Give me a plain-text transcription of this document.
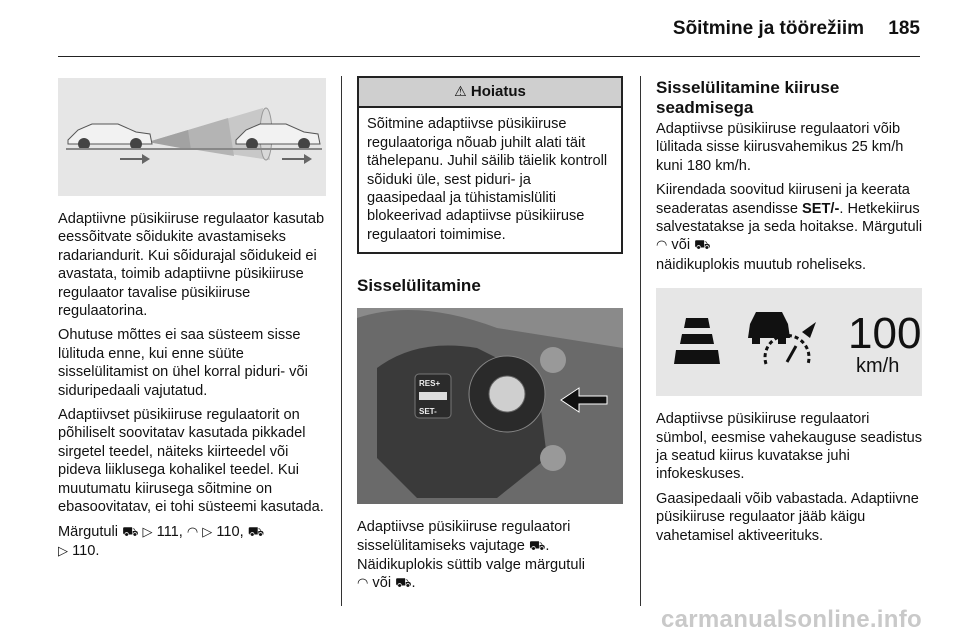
Sõitmine ja töörežiim 185

Adaptiivne püsikiiruse regulaator kasutab eessõitvate sõidukite avastamiseks radariandurit. Kui sõidurajal sõidukeid ei avastata, toimib adaptiivne püsikiiruse regulaator tavalise püsikiiruse regulaatorina.

Ohutuse mõttes ei saa süsteem sisse lülituda enne, kui enne süüte sisselülitamist on ühel korral piduri- või siduripedaali vajutatud.

Adaptiivset püsikiiruse regulaatorit on põhiliselt soovitatav kasutada pikkadel sirgetel teedel, näiteks kiirteedel või pideva liiklusega kohalikel teedel. Kui muutumatu kiirusega sõitmine on ebasoovitatav, ei tohi süsteemi kasutada.

Märgutuli ⛟ ▷ 111, ◠ ▷ 110, ⛟
▷ 110.

⚠ Hoiatus
Sõitmine adaptiivse püsikiiruse regulaatoriga nõuab juhilt alati täit tähelepanu. Juhil säilib täielik kontroll sõiduki üle, sest piduri- ja gaasipedaal ja tühistamislüliti blokeerivad adaptiivse püsikiiruse regulaatori toimimise.
Sisselülitamine
RES+
SET-

Adaptiivse püsikiiruse regulaatori sisselülitamiseks vajutage ⛟.
Näidikuplokis süttib valge märgutuli
◠ või ⛟.

Sisselülitamine kiiruse seadmisega

Adaptiivse püsikiiruse regulaatori võib lülitada sisse kiirusvahemikus 25 km/h kuni 180 km/h.

Kiirendada soovitud kiiruseni ja keerata seaderatas asendisse SET/-. Hetkekiirus salvestatakse ja seda hoitakse. Märgutuli ◠ või ⛟
näidikuplokis muutub roheliseks.

100
km/h

Adaptiivse püsikiiruse regulaatori sümbol, eesmise vahekauguse seadistus ja seatud kiirus kuvatakse juhi infokeskuses.

Gaasipedaali võib vabastada. Adaptiivne püsikiiruse regulaator jääb käigu vahetamisel aktiveerituks.

carmanualsonline.info
